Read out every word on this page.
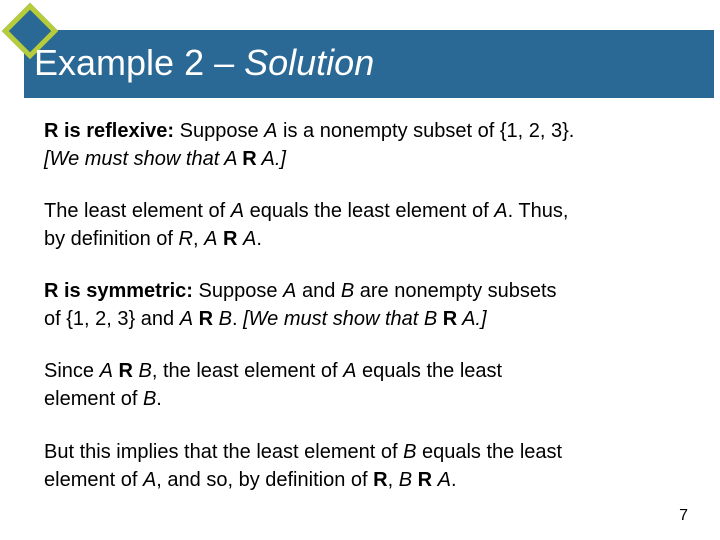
Example 2 – Solution

R is reflexive: Suppose A is a nonempty subset of {1, 2, 3}.
[We must show that A R A.]

The least element of A equals the least element of A. Thus,
by definition of R, A R A.

R is symmetric: Suppose A and B are nonempty subsets
of {1, 2, 3} and A R B. [We must show that B R A.]

Since A R B, the least element of A equals the least
element of B.

But this implies that the least element of B equals the least
element of A, and so, by definition of R, B R A.

7
